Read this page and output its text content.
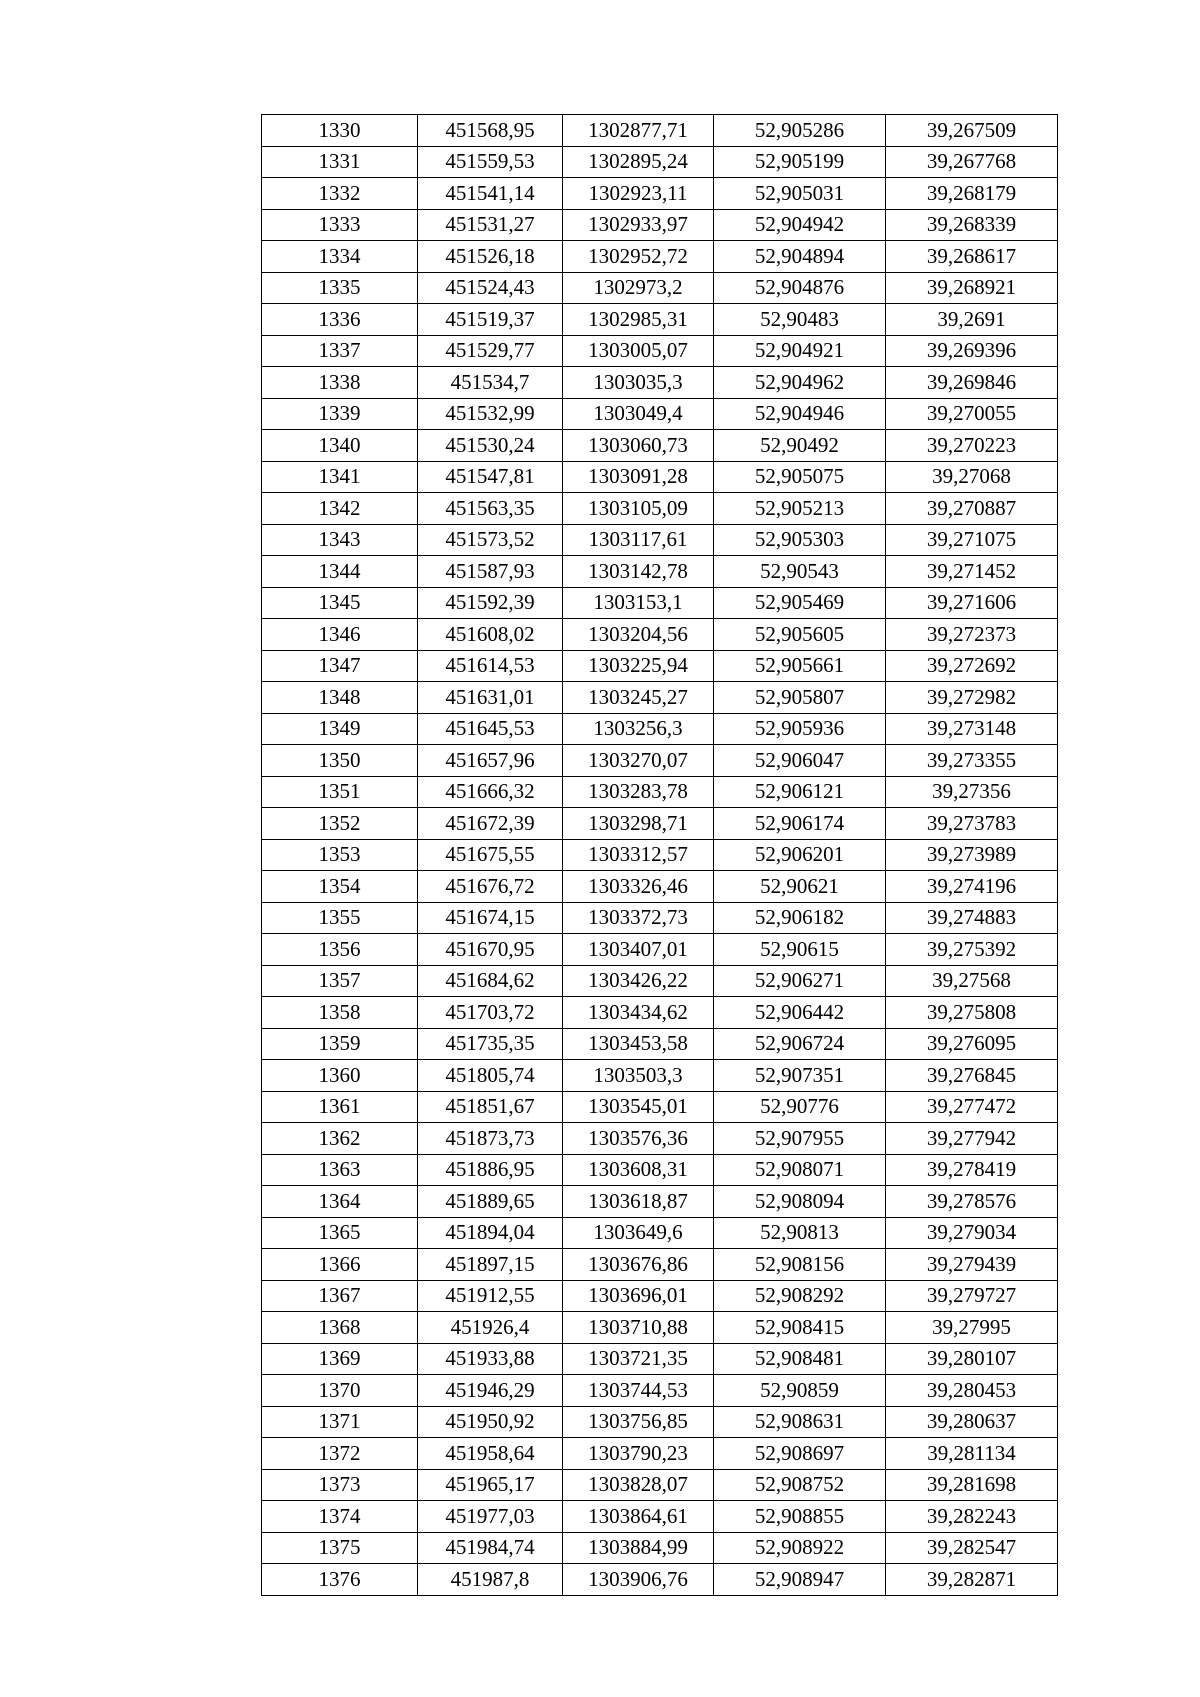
1330	451568,95	1302877,71	52,905286	39,267509
1331	451559,53	1302895,24	52,905199	39,267768
1332	451541,14	1302923,11	52,905031	39,268179
1333	451531,27	1302933,97	52,904942	39,268339
1334	451526,18	1302952,72	52,904894	39,268617
1335	451524,43	1302973,2	52,904876	39,268921
1336	451519,37	1302985,31	52,90483	39,2691
1337	451529,77	1303005,07	52,904921	39,269396
1338	451534,7	1303035,3	52,904962	39,269846
1339	451532,99	1303049,4	52,904946	39,270055
1340	451530,24	1303060,73	52,90492	39,270223
1341	451547,81	1303091,28	52,905075	39,27068
1342	451563,35	1303105,09	52,905213	39,270887
1343	451573,52	1303117,61	52,905303	39,271075
1344	451587,93	1303142,78	52,90543	39,271452
1345	451592,39	1303153,1	52,905469	39,271606
1346	451608,02	1303204,56	52,905605	39,272373
1347	451614,53	1303225,94	52,905661	39,272692
1348	451631,01	1303245,27	52,905807	39,272982
1349	451645,53	1303256,3	52,905936	39,273148
1350	451657,96	1303270,07	52,906047	39,273355
1351	451666,32	1303283,78	52,906121	39,27356
1352	451672,39	1303298,71	52,906174	39,273783
1353	451675,55	1303312,57	52,906201	39,273989
1354	451676,72	1303326,46	52,90621	39,274196
1355	451674,15	1303372,73	52,906182	39,274883
1356	451670,95	1303407,01	52,90615	39,275392
1357	451684,62	1303426,22	52,906271	39,27568
1358	451703,72	1303434,62	52,906442	39,275808
1359	451735,35	1303453,58	52,906724	39,276095
1360	451805,74	1303503,3	52,907351	39,276845
1361	451851,67	1303545,01	52,90776	39,277472
1362	451873,73	1303576,36	52,907955	39,277942
1363	451886,95	1303608,31	52,908071	39,278419
1364	451889,65	1303618,87	52,908094	39,278576
1365	451894,04	1303649,6	52,90813	39,279034
1366	451897,15	1303676,86	52,908156	39,279439
1367	451912,55	1303696,01	52,908292	39,279727
1368	451926,4	1303710,88	52,908415	39,27995
1369	451933,88	1303721,35	52,908481	39,280107
1370	451946,29	1303744,53	52,90859	39,280453
1371	451950,92	1303756,85	52,908631	39,280637
1372	451958,64	1303790,23	52,908697	39,281134
1373	451965,17	1303828,07	52,908752	39,281698
1374	451977,03	1303864,61	52,908855	39,282243
1375	451984,74	1303884,99	52,908922	39,282547
1376	451987,8	1303906,76	52,908947	39,282871
